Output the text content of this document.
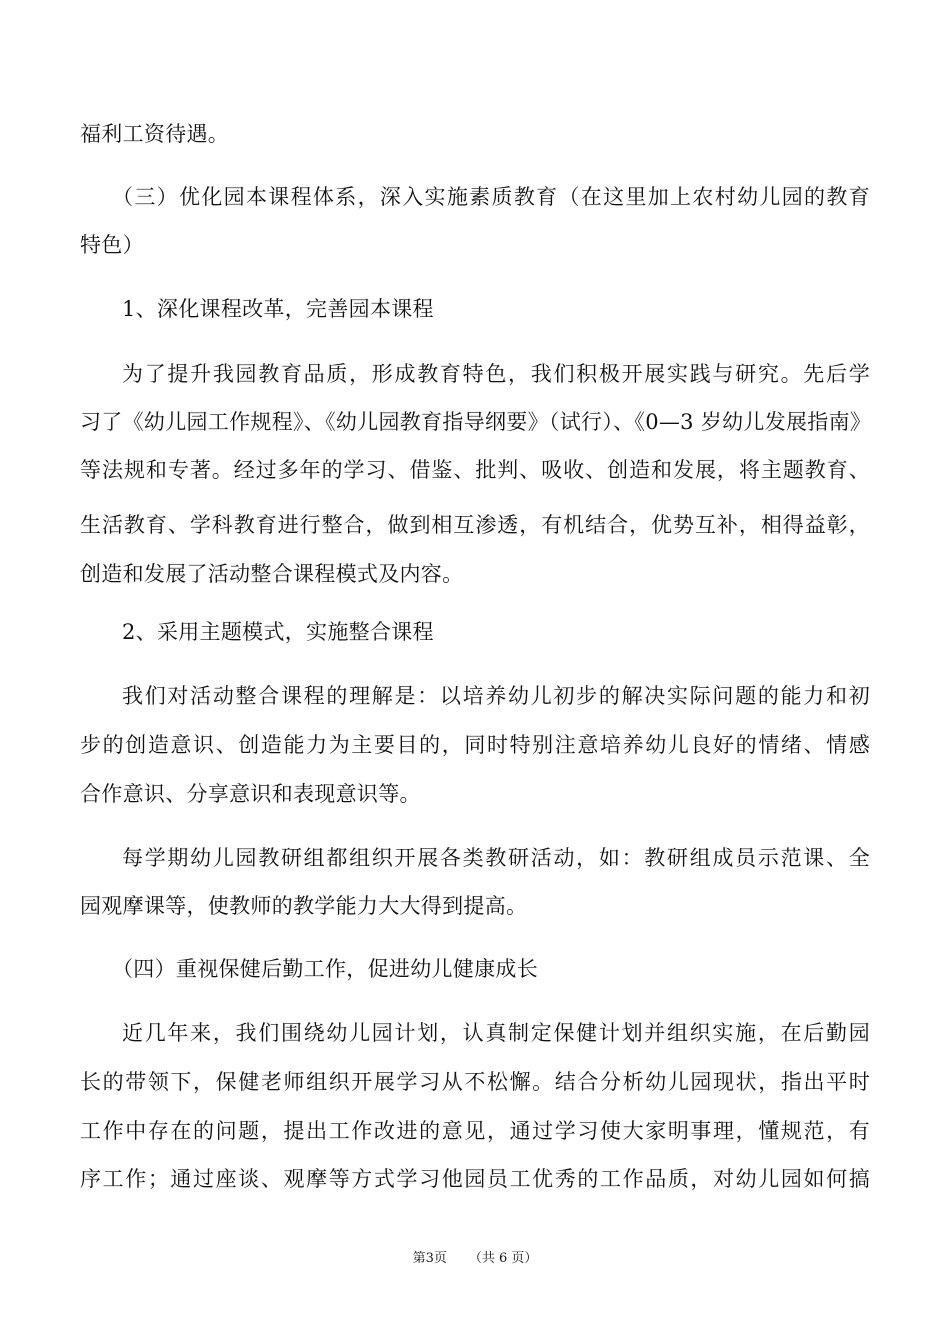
福利工资待遇。
（三）优化园本课程体系，深入实施素质教育（在这里加上农村幼儿园的教育
特色）
1、深化课程改革，完善园本课程
为了提升我园教育品质，形成教育特色，我们积极开展实践与研究。先后学
习了《幼儿园工作规程》、《幼儿园教育指导纲要》（试行）、《0—3 岁幼儿发展指南》
等法规和专著。经过多年的学习、借鉴、批判、吸收、创造和发展，将主题教育、
生活教育、学科教育进行整合，做到相互渗透，有机结合，优势互补，相得益彰，
创造和发展了活动整合课程模式及内容。
2、采用主题模式，实施整合课程
我们对活动整合课程的理解是：以培养幼儿初步的解决实际问题的能力和初
步的创造意识、创造能力为主要目的，同时特别注意培养幼儿良好的情绪、情感
合作意识、分享意识和表现意识等。
每学期幼儿园教研组都组织开展各类教研活动，如：教研组成员示范课、全
园观摩课等，使教师的教学能力大大得到提高。
（四）重视保健后勤工作，促进幼儿健康成长
近几年来，我们围绕幼儿园计划，认真制定保健计划并组织实施，在后勤园
长的带领下，保健老师组织开展学习从不松懈。结合分析幼儿园现状，指出平时
工作中存在的问题，提出工作改进的意见，通过学习使大家明事理，懂规范，有
序工作；通过座谈、观摩等方式学习他园员工优秀的工作品质，对幼儿园如何搞
第3页 （共 6 页）
